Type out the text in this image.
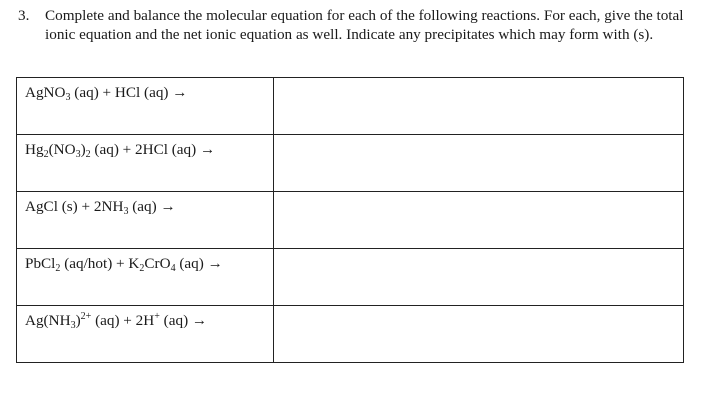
3.	Complete and balance the molecular equation for each of the following reactions. For each, give the total ionic equation and the net ionic equation as well. Indicate any precipitates which may form with (s).
AgNO$_3$ (aq) + HCl (aq) →	

$Hg_2(NO_3)_2$ (aq) + 2HCl (aq) →	

AgCl $(s) + 2NH_3$ (aq) →	

PbCl$_2$ $(aq/hot) + K_2CrO_4$ (aq) →	

$Ag(NH_3)^{2+}$ (aq) + 2H+ (aq) →	
